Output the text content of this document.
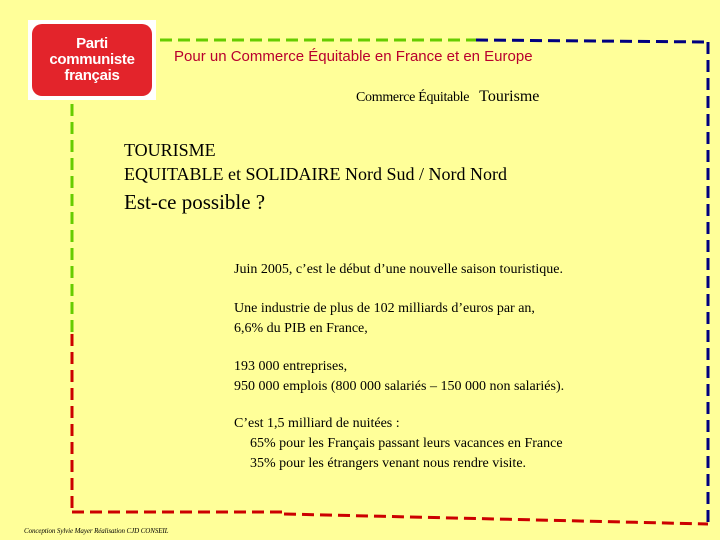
Parti
communiste
français
Pour un Commerce Équitable en France et en Europe
Commerce Équitable Tourisme
TOURISME
EQUITABLE et SOLIDAIRE Nord Sud / Nord Nord
Est-ce possible ?
Juin 2005, c’est le début d’une nouvelle saison touristique.
Une industrie de plus de 102 milliards d’euros par an,
6,6% du PIB en France,
193 000 entreprises,
950 000 emplois (800 000 salariés – 150 000 non salariés).
C’est 1,5 milliard de nuitées :
65% pour les Français passant leurs vacances en France
35% pour les étrangers venant nous rendre visite.
Conception Sylvie Mayer Réalisation CJD CONSEIL
